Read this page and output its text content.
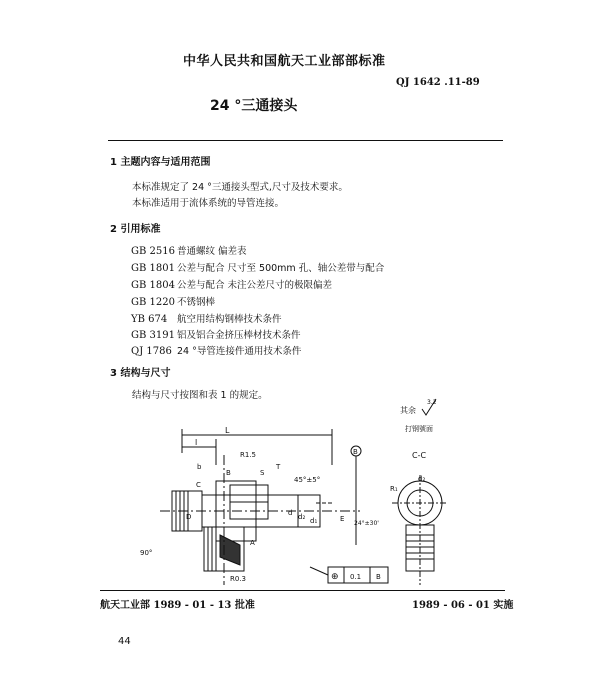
中华人民共和国航天工业部部标准
QJ 1642 .11-89
24 °三通接头
1 主题内容与适用范围
本标准规定了 24 °三通接头型式,尺寸及技术要求。
本标准适用于流体系统的导管连接。
2 引用标准
GB 2516 普通螺纹 偏差表
GB 1801 公差与配合 尺寸至 500mm 孔、轴公差带与配合
GB 1804 公差与配合 未注公差尺寸的极限偏差
GB 1220 不锈钢棒
YB 674 航空用结构钢棒技术条件
GB 3191 铝及铝合金挤压棒材技术条件
QJ 1786 24 °导管连接件通用技术条件
3 结构与尺寸
结构与尺寸按图和表 1 的规定。
其余
3.2
打钢號面
C-C
L
l
b
B
R1.5
S
T
45°±5°
C
D	d d₂ d₁	E
24°±30'
A
90°
R0.3
B
⊕ 0.1 B
R₁
d₂
航天工业部 1989 - 01 - 13 批准	1989 - 06 - 01 实施
44
